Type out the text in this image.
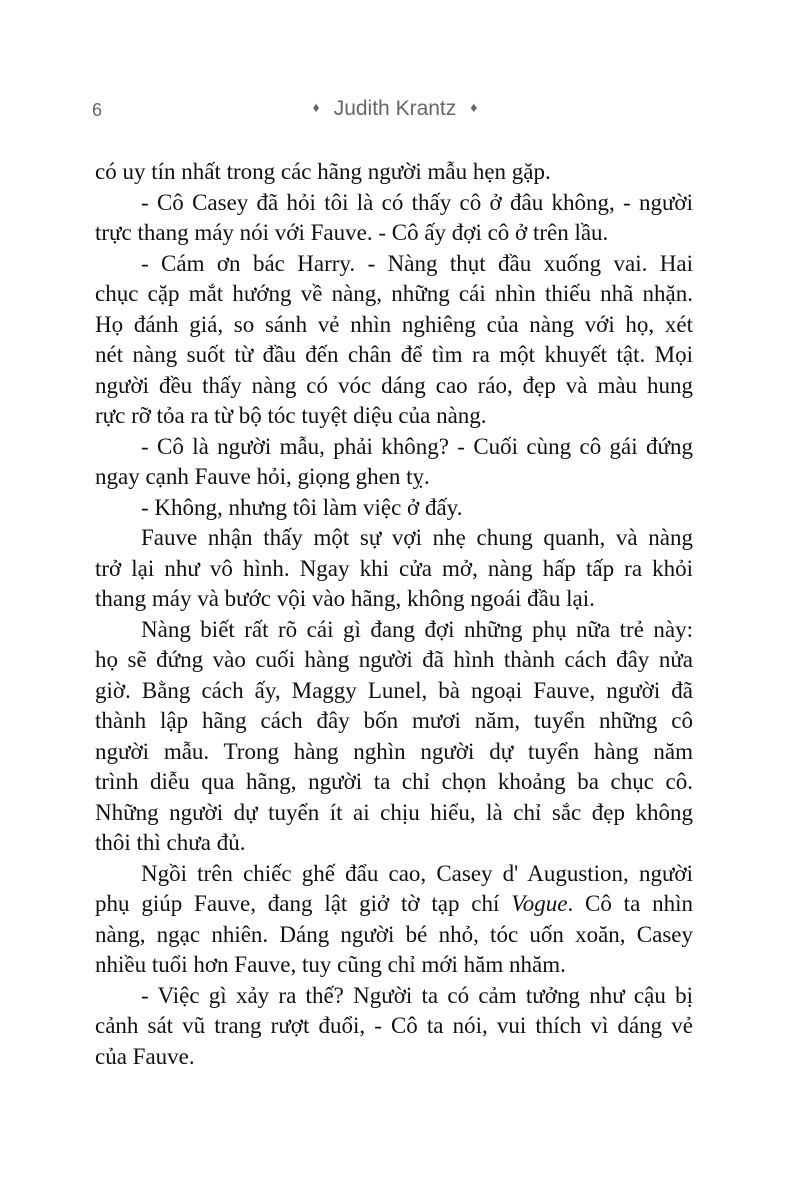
6	♦ Judith Krantz ♦
có uy tín nhất trong các hãng người mẫu hẹn gặp.
- Cô Casey đã hỏi tôi là có thấy cô ở đâu không, - người
trực thang máy nói với Fauve. - Cô ấy đợi cô ở trên lầu.
- Cám ơn bác Harry. - Nàng thụt đầu xuống vai. Hai
chục cặp mắt hướng về nàng, những cái nhìn thiếu nhã nhặn.
Họ đánh giá, so sánh vẻ nhìn nghiêng của nàng với họ, xét
nét nàng suốt từ đầu đến chân để tìm ra một khuyết tật. Mọi
người đều thấy nàng có vóc dáng cao ráo, đẹp và màu hung
rực rỡ tỏa ra từ bộ tóc tuyệt diệu của nàng.
- Cô là người mẫu, phải không? - Cuối cùng cô gái đứng
ngay cạnh Fauve hỏi, giọng ghen tỵ.
- Không, nhưng tôi làm việc ở đấy.
Fauve nhận thấy một sự vợi nhẹ chung quanh, và nàng
trở lại như vô hình. Ngay khi cửa mở, nàng hấp tấp ra khỏi
thang máy và bước vội vào hãng, không ngoái đầu lại.
Nàng biết rất rõ cái gì đang đợi những phụ nữa trẻ này:
họ sẽ đứng vào cuối hàng người đã hình thành cách đây nửa
giờ. Bằng cách ấy, Maggy Lunel, bà ngoại Fauve, người đã
thành lập hãng cách đây bốn mươi năm, tuyển những cô
người mẫu. Trong hàng nghìn người dự tuyển hàng năm
trình diễu qua hãng, người ta chỉ chọn khoảng ba chục cô.
Những người dự tuyển ít ai chịu hiểu, là chỉ sắc đẹp không
thôi thì chưa đủ.
Ngồi trên chiếc ghế đẩu cao, Casey d' Augustion, người
phụ giúp Fauve, đang lật giở tờ tạp chí Vogue. Cô ta nhìn
nàng, ngạc nhiên. Dáng người bé nhỏ, tóc uốn xoăn, Casey
nhiều tuổi hơn Fauve, tuy cũng chỉ mới hăm nhăm.
- Việc gì xảy ra thế? Người ta có cảm tưởng như cậu bị
cảnh sát vũ trang rượt đuổi, - Cô ta nói, vui thích vì dáng vẻ
của Fauve.
